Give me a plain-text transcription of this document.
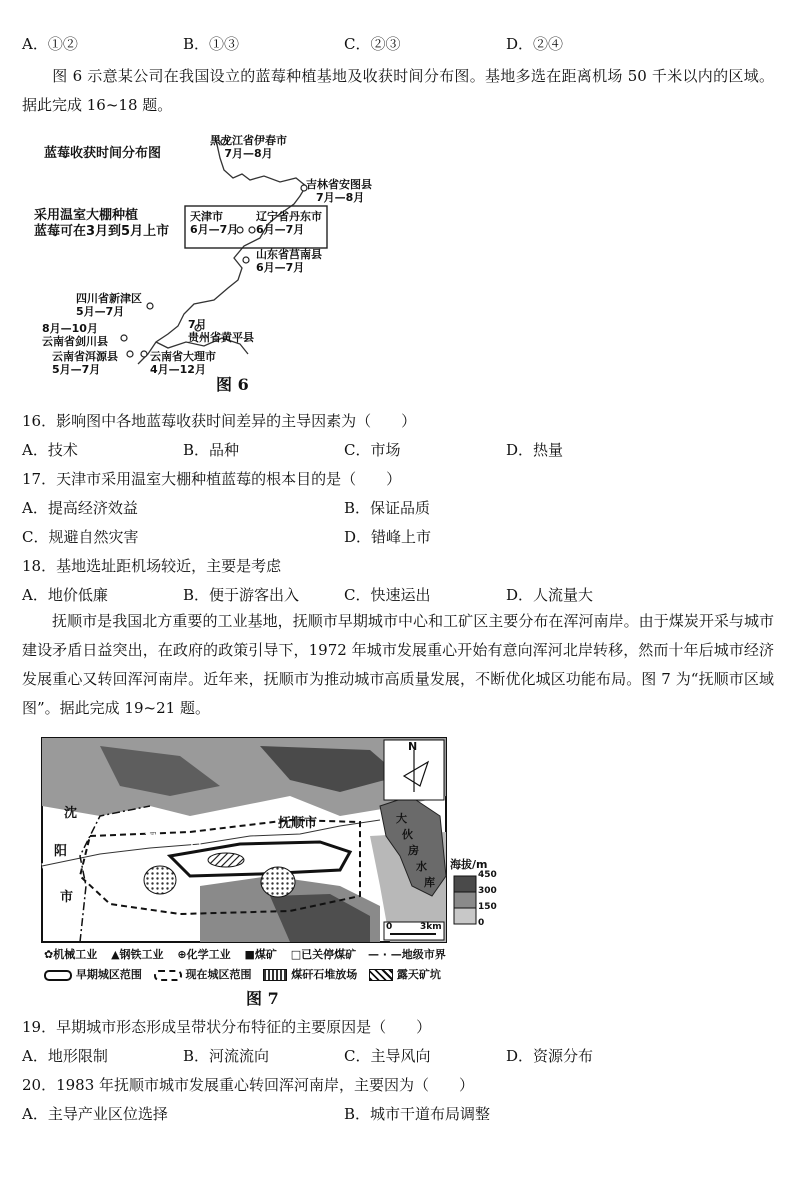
A．①②	B．①③	C．②③	D．②④
图 6 示意某公司在我国设立的蓝莓种植基地及收获时间分布图。基地多选在距离机场 50 千米以内的区域。据此完成 16~18 题。
蓝莓收获时间分布图
采用温室大棚种植
蓝莓可在3月到5月上市
黑龙江省伊春市
7月—8月
吉林省安图县
7月—8月
天津市
6月—7月
辽宁省丹东市
6月—7月
山东省莒南县
6月—7月
四川省新津区
5月—7月
7月
贵州省黄平县
8月—10月
云南省剑川县
云南省洱源县
5月—7月
云南省大理市
4月—12月
图 6
16．影响图中各地蓝莓收获时间差异的主导因素为（　　）
A．技术	B．品种	C．市场	D．热量
17．天津市采用温室大棚种植蓝莓的根本目的是（　　）
A．提高经济效益	B．保证品质
C．规避自然灾害	D．错峰上市
18．基地选址距机场较近，主要是考虑
A．地价低廉	B．便于游客出入	C．快速运出	D．人流量大
抚顺市是我国北方重要的工业基地，抚顺市早期城市中心和工矿区主要分布在浑河南岸。由于煤炭开采与城市建设矛盾日益突出，在政府的政策引导下，1972 年城市发展重心开始有意向浑河北岸转移，然而十年后城市经济发展重心又转回浑河南岸。近年来，抚顺市为推动城市高质量发展，不断优化城区功能布局。图 7 为“抚顺市区域图”。据此完成 19~21 题。
沈
阳
市
浑	河
抚顺市	大
伙
房
水
库
N
0	3km
海拔/m
450
300
150
0
✿机械工业 ▲钢铁工业 ⊕化学工业 ■煤矿 □已关停煤矿 — · —地级市界
早期城区范围	现在城区范围	煤矸石堆放场	露天矿坑
图 7
19．早期城市形态形成呈带状分布特征的主要原因是（　　）
A．地形限制	B．河流流向	C．主导风向	D．资源分布
20．1983 年抚顺市城市发展重心转回浑河南岸，主要因为（　　）
A．主导产业区位选择	B．城市干道布局调整
